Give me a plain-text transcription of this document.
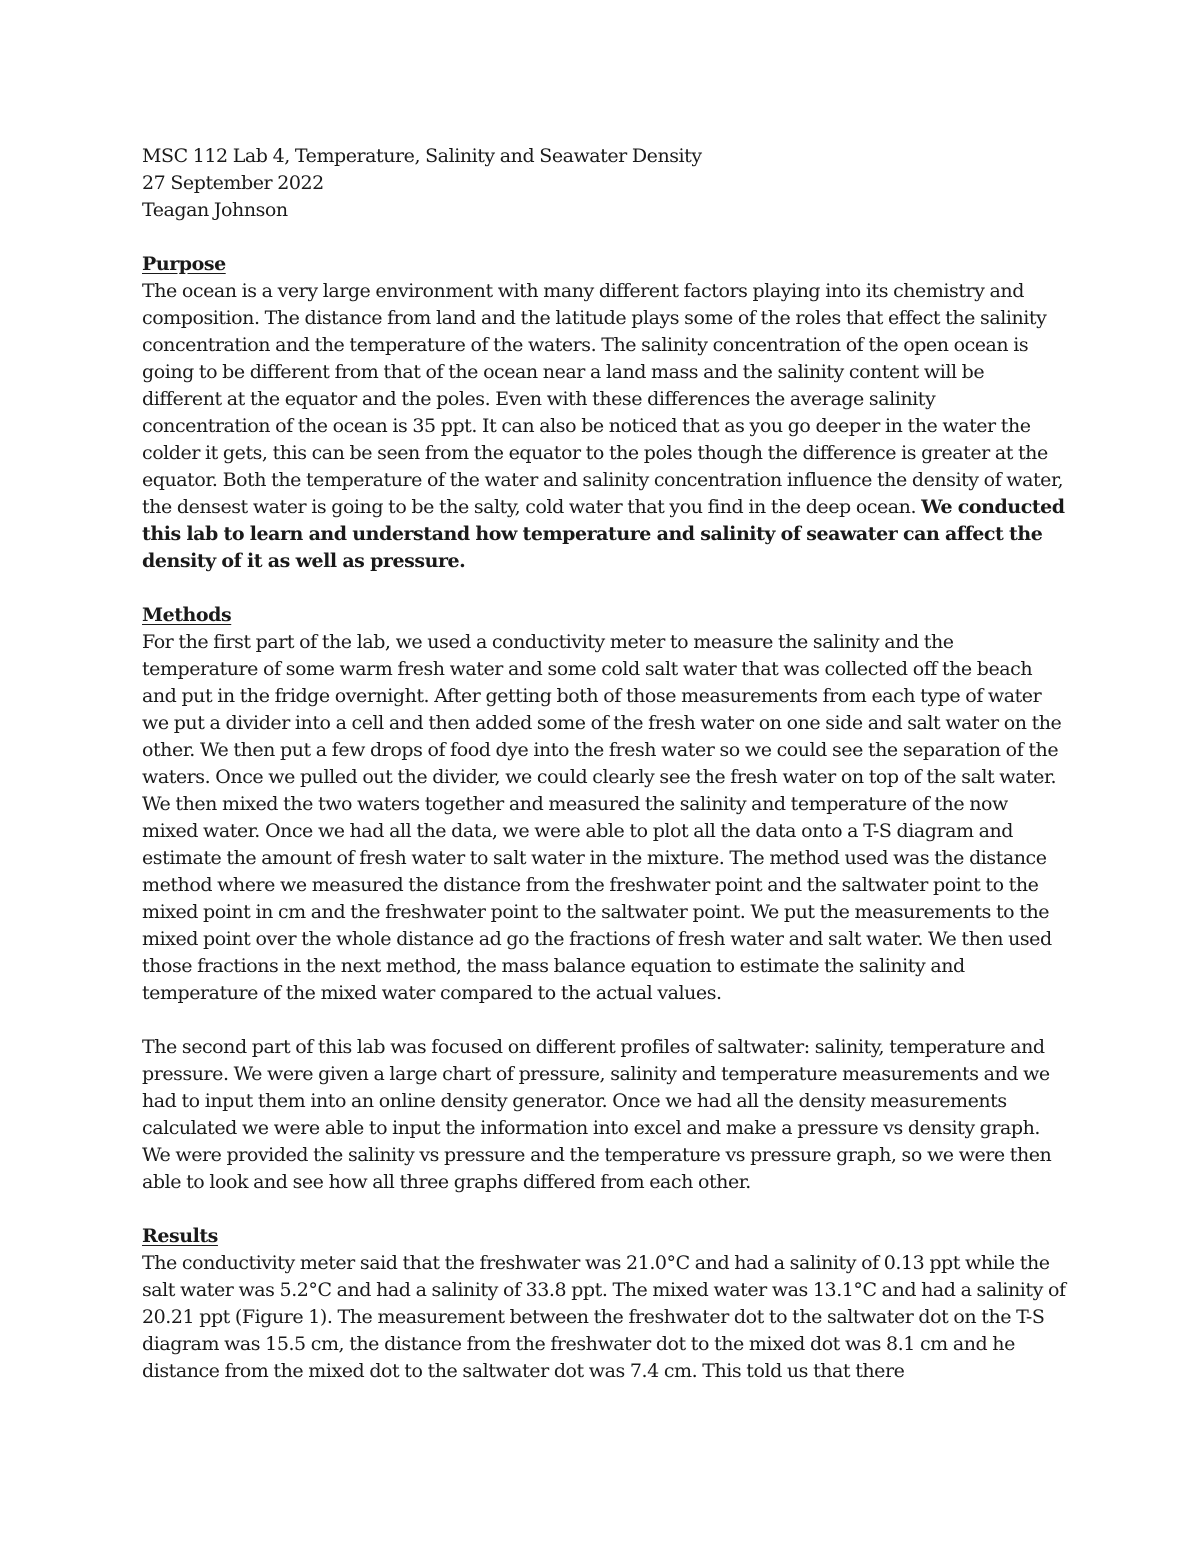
MSC 112 Lab 4, Temperature, Salinity and Seawater Density
27 September 2022
Teagan Johnson
Purpose

The ocean is a very large environment with many different factors playing into its chemistry and composition. The distance from land and the latitude plays some of the roles that effect the salinity concentration and the temperature of the waters. The salinity concentration of the open ocean is going to be different from that of the ocean near a land mass and the salinity content will be different at the equator and the poles. Even with these differences the average salinity concentration of the ocean is 35 ppt. It can also be noticed that as you go deeper in the water the colder it gets, this can be seen from the equator to the poles though the difference is greater at the equator. Both the temperature of the water and salinity concentration influence the density of water, the densest water is going to be the salty, cold water that you find in the deep ocean. We conducted this lab to learn and understand how temperature and salinity of seawater can affect the density of it as well as pressure.

Methods

For the first part of the lab, we used a conductivity meter to measure the salinity and the temperature of some warm fresh water and some cold salt water that was collected off the beach and put in the fridge overnight. After getting both of those measurements from each type of water we put a divider into a cell and then added some of the fresh water on one side and salt water on the other. We then put a few drops of food dye into the fresh water so we could see the separation of the waters. Once we pulled out the divider, we could clearly see the fresh water on top of the salt water. We then mixed the two waters together and measured the salinity and temperature of the now mixed water. Once we had all the data, we were able to plot all the data onto a T-S diagram and estimate the amount of fresh water to salt water in the mixture. The method used was the distance method where we measured the distance from the freshwater point and the saltwater point to the mixed point in cm and the freshwater point to the saltwater point. We put the measurements to the mixed point over the whole distance ad go the fractions of fresh water and salt water. We then used those fractions in the next method, the mass balance equation to estimate the salinity and temperature of the mixed water compared to the actual values.

The second part of this lab was focused on different profiles of saltwater: salinity, temperature and pressure. We were given a large chart of pressure, salinity and temperature measurements and we had to input them into an online density generator. Once we had all the density measurements calculated we were able to input the information into excel and make a pressure vs density graph. We were provided the salinity vs pressure and the temperature vs pressure graph, so we were then able to look and see how all three graphs differed from each other.

Results

The conductivity meter said that the freshwater was 21.0°C and had a salinity of 0.13 ppt while the salt water was 5.2°C and had a salinity of 33.8 ppt. The mixed water was 13.1°C and had a salinity of 20.21 ppt (Figure 1). The measurement between the freshwater dot to the saltwater dot on the T-S diagram was 15.5 cm, the distance from the freshwater dot to the mixed dot was 8.1 cm and he distance from the mixed dot to the saltwater dot was 7.4 cm. This told us that there
